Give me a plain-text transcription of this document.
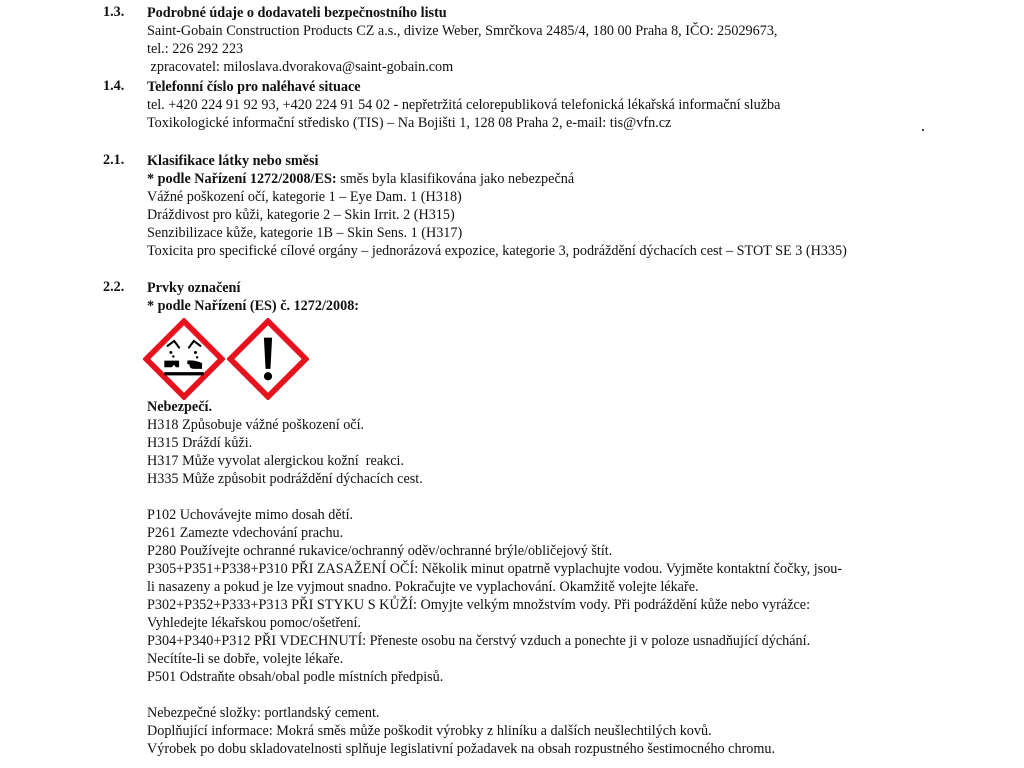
1.3. Podrobné údaje o dodavateli bezpečnostního listu
Saint-Gobain Construction Products CZ a.s., divize Weber, Smrčkova 2485/4, 180 00 Praha 8, IČO: 25029673,
tel.: 226 292 223
zpracovatel: miloslava.dvorakova@saint-gobain.com
1.4. Telefonní číslo pro naléhavé situace
tel. +420 224 91 92 93, +420 224 91 54 02 - nepřetržitá celorepubliková telefonická lékařská informační služba
Toxikologické informační středisko (TIS) – Na Bojišti 1, 128 08 Praha 2, e-mail: tis@vfn.cz
2.1. Klasifikace látky nebo směsi
* podle Nařízení 1272/2008/ES: směs byla klasifikována jako nebezpečná
Vážné poškození očí, kategorie 1 – Eye Dam. 1 (H318)
Dráždivost pro kůži, kategorie 2 – Skin Irrit. 2 (H315)
Senzibilizace kůže, kategorie 1B – Skin Sens. 1 (H317)
Toxicita pro specifické cílové orgány – jednorázová expozice, kategorie 3, podráždění dýchacích cest – STOT SE 3 (H335)
2.2. Prvky označení
* podle Nařízení (ES) č. 1272/2008:
Nebezpečí.
H318 Způsobuje vážné poškození očí.
H315 Dráždí kůži.
H317 Může vyvolat alergickou kožní  reakci.
H335 Může způsobit podráždění dýchacích cest.
P102 Uchovávejte mimo dosah dětí.
P261 Zamezte vdechování prachu.
P280 Používejte ochranné rukavice/ochranný oděv/ochranné brýle/obličejový štít.
P305+P351+P338+P310 PŘI ZASAŽENÍ OČÍ: Několik minut opatrně vyplachujte vodou. Vyjměte kontaktní čočky, jsou-
li nasazeny a pokud je lze vyjmout snadno. Pokračujte ve vyplachování. Okamžitě volejte lékaře.
P302+P352+P333+P313 PŘI STYKU S KŮŽÍ: Omyjte velkým množstvím vody. Při podráždění kůže nebo vyrážce:
Vyhledejte lékařskou pomoc/ošetření.
P304+P340+P312 PŘI VDECHNUTÍ: Přeneste osobu na čerstvý vzduch a ponechte ji v poloze usnadňující dýchání.
Necítíte-li se dobře, volejte lékaře.
P501 Odstraňte obsah/obal podle místních předpisů.
Nebezpečné složky: portlandský cement.
Doplňující informace: Mokrá směs může poškodit výrobky z hliníku a dalších neušlechtilých kovů.
Výrobek po dobu skladovatelnosti splňuje legislativní požadavek na obsah rozpustného šestimocného chromu.
